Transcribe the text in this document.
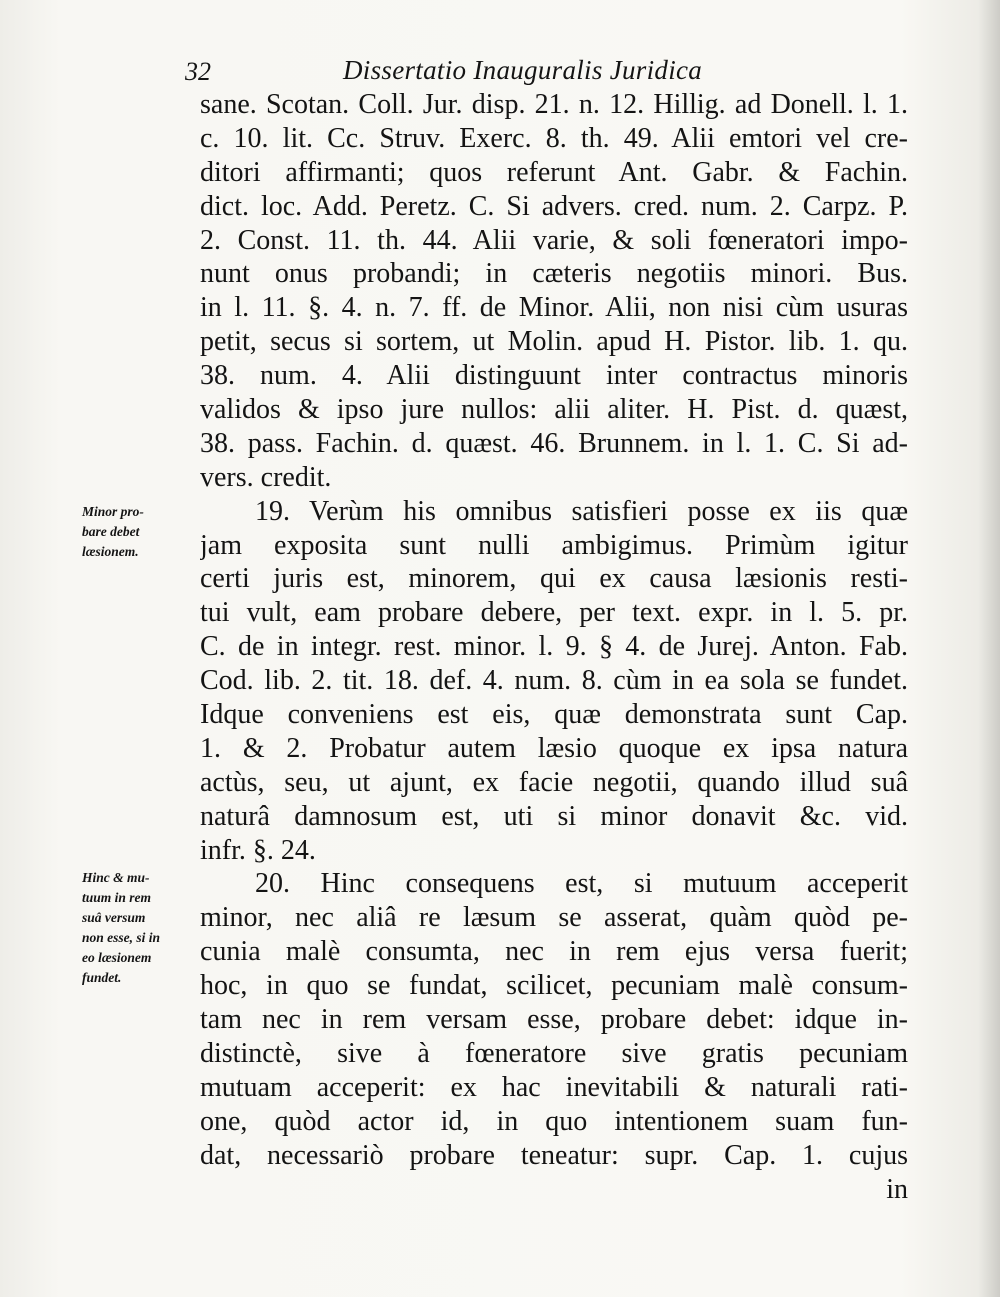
32	Dissertatio Inauguralis Juridica
Minor pro-
bare debet
læsionem.
Hinc & mu-
tuum in rem
suâ versum
non esse, si in
eo læsionem
fundet.
sane. Scotan. Coll. Jur. disp. 21. n. 12. Hillig. ad Donell. l. 1.
c. 10. lit. Cc. Struv. Exerc. 8. th. 49. Alii emtori vel cre-
ditori affirmanti; quos referunt Ant. Gabr. & Fachin.
dict. loc. Add. Peretz. C. Si advers. cred. num. 2. Carpz. P.
2. Const. 11. th. 44. Alii varie, & soli fœneratori impo-
nunt onus probandi; in cæteris negotiis minori. Bus.
in l. 11. §. 4. n. 7. ff. de Minor. Alii, non nisi cùm usuras
petit, secus si sortem, ut Molin. apud H. Pistor. lib. 1. qu.
38. num. 4. Alii distinguunt inter contractus minoris
validos & ipso jure nullos: alii aliter. H. Pist. d. quæst,
38. pass. Fachin. d. quæst. 46. Brunnem. in l. 1. C. Si ad-
vers. credit.
19. Verùm his omnibus satisfieri posse ex iis quæ
jam exposita sunt nulli ambigimus. Primùm igitur
certi juris est, minorem, qui ex causa læsionis resti-
tui vult, eam probare debere, per text. expr. in l. 5. pr.
C. de in integr. rest. minor. l. 9. § 4. de Jurej. Anton. Fab.
Cod. lib. 2. tit. 18. def. 4. num. 8. cùm in ea sola se fundet.
Idque conveniens est eis, quæ demonstrata sunt Cap.
1. & 2. Probatur autem læsio quoque ex ipsa natura
actùs, seu, ut ajunt, ex facie negotii, quando illud suâ
naturâ damnosum est, uti si minor donavit &c. vid.
infr. §. 24.
20. Hinc consequens est, si mutuum acceperit
minor, nec aliâ re læsum se asserat, quàm quòd pe-
cunia malè consumta, nec in rem ejus versa fuerit;
hoc, in quo se fundat, scilicet, pecuniam malè consum-
tam nec in rem versam esse, probare debet: idque in-
distinctè, sive à fœneratore sive gratis pecuniam
mutuam acceperit: ex hac inevitabili & naturali rati-
one, quòd actor id, in quo intentionem suam fun-
dat, necessariò probare teneatur: supr. Cap. 1. cujus
in
